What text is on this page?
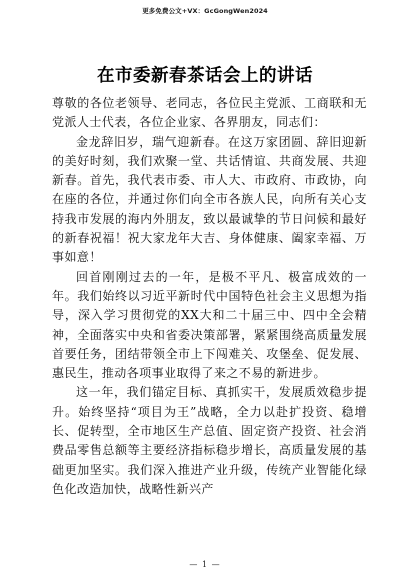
更多免费公文+VX：GcGongWen2024
在市委新春茶话会上的讲话

尊敬的各位老领导、老同志，各位民主党派、工商联和无党派人士代表，各位企业家、各界朋友，同志们：

金龙辞旧岁，瑞气迎新春。在这万家团圆、辞旧迎新的美好时刻，我们欢聚一堂、共话情谊、共商发展、共迎新春。首先，我代表市委、市人大、市政府、市政协，向在座的各位，并通过你们向全市各族人民，向所有关心支持我市发展的海内外朋友，致以最诚挚的节日问候和最好的新春祝福！祝大家龙年大吉、身体健康、阖家幸福、万事如意！

回首刚刚过去的一年，是极不平凡、极富成效的一年。我们始终以习近平新时代中国特色社会主义思想为指导，深入学习贯彻党的XX大和二十届三中、四中全会精神，全面落实中央和省委决策部署，紧紧围绕高质量发展首要任务，团结带领全市上下闯难关、攻堡垒、促发展、惠民生，推动各项事业取得了来之不易的新进步。

这一年，我们锚定目标、真抓实干，发展质效稳步提升。始终坚持“项目为王”战略，全力以赴扩投资、稳增长、促转型，全市地区生产总值、固定资产投资、社会消费品零售总额等主要经济指标稳步增长，高质量发展的基础更加坚实。我们深入推进产业升级，传统产业智能化绿色化改造加快，战略性新兴产

— 1 —
